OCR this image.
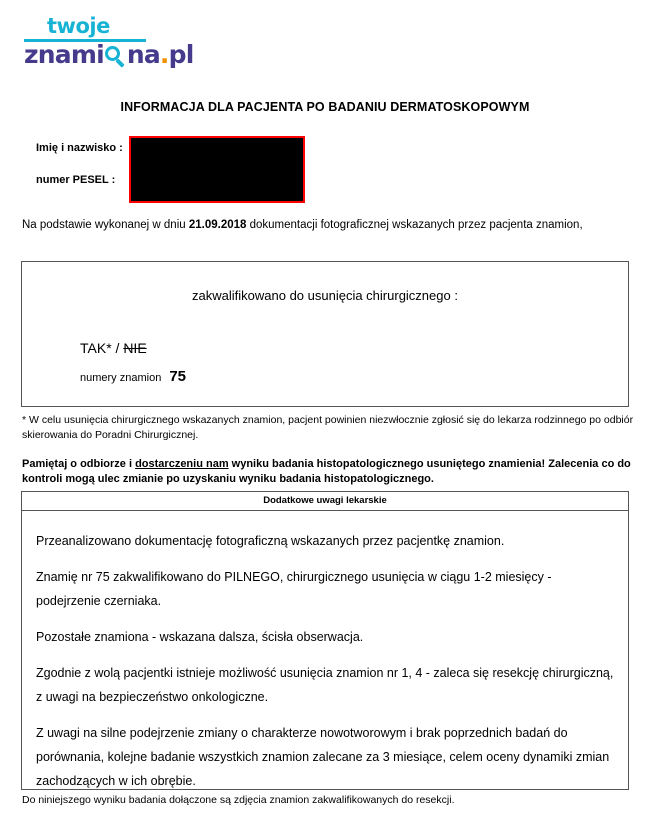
twoje
znami na.pl
INFORMACJA DLA PACJENTA PO BADANIU DERMATOSKOPOWYM
Imię i nazwisko :
numer PESEL :
Na podstawie wykonanej w dniu 21.09.2018 dokumentacji fotograficznej wskazanych przez pacjenta znamion,
zakwalifikowano do usunięcia chirurgicznego :
TAK* / NIE
numery znamion 75
* W celu usunięcia chirurgicznego wskazanych znamion, pacjent powinien niezwłocznie zgłosić się do lekarza rodzinnego po odbiór skierowania do Poradni Chirurgicznej.
Pamiętaj o odbiorze i dostarczeniu nam wyniku badania histopatologicznego usuniętego znamienia! Zalecenia co do kontroli mogą ulec zmianie po uzyskaniu wyniku badania histopatologicznego.
Dodatkowe uwagi lekarskie

Przeanalizowano dokumentację fotograficzną wskazanych przez pacjentkę znamion.

Znamię nr 75 zakwalifikowano do PILNEGO, chirurgicznego usunięcia w ciągu 1-2 miesięcy - podejrzenie czerniaka.

Pozostałe znamiona - wskazana dalsza, ścisła obserwacja.

Zgodnie z wolą pacjentki istnieje możliwość usunięcia znamion nr 1, 4 - zaleca się resekcję chirurgiczną, z uwagi na bezpieczeństwo onkologiczne.

Z uwagi na silne podejrzenie zmiany o charakterze nowotworowym i brak poprzednich badań do porównania, kolejne badanie wszystkich znamion zalecane za 3 miesiące, celem oceny dynamiki zmian zachodzących w ich obrębie.

Do niniejszego wyniku badania dołączone są zdjęcia znamion zakwalifikowanych do resekcji.
